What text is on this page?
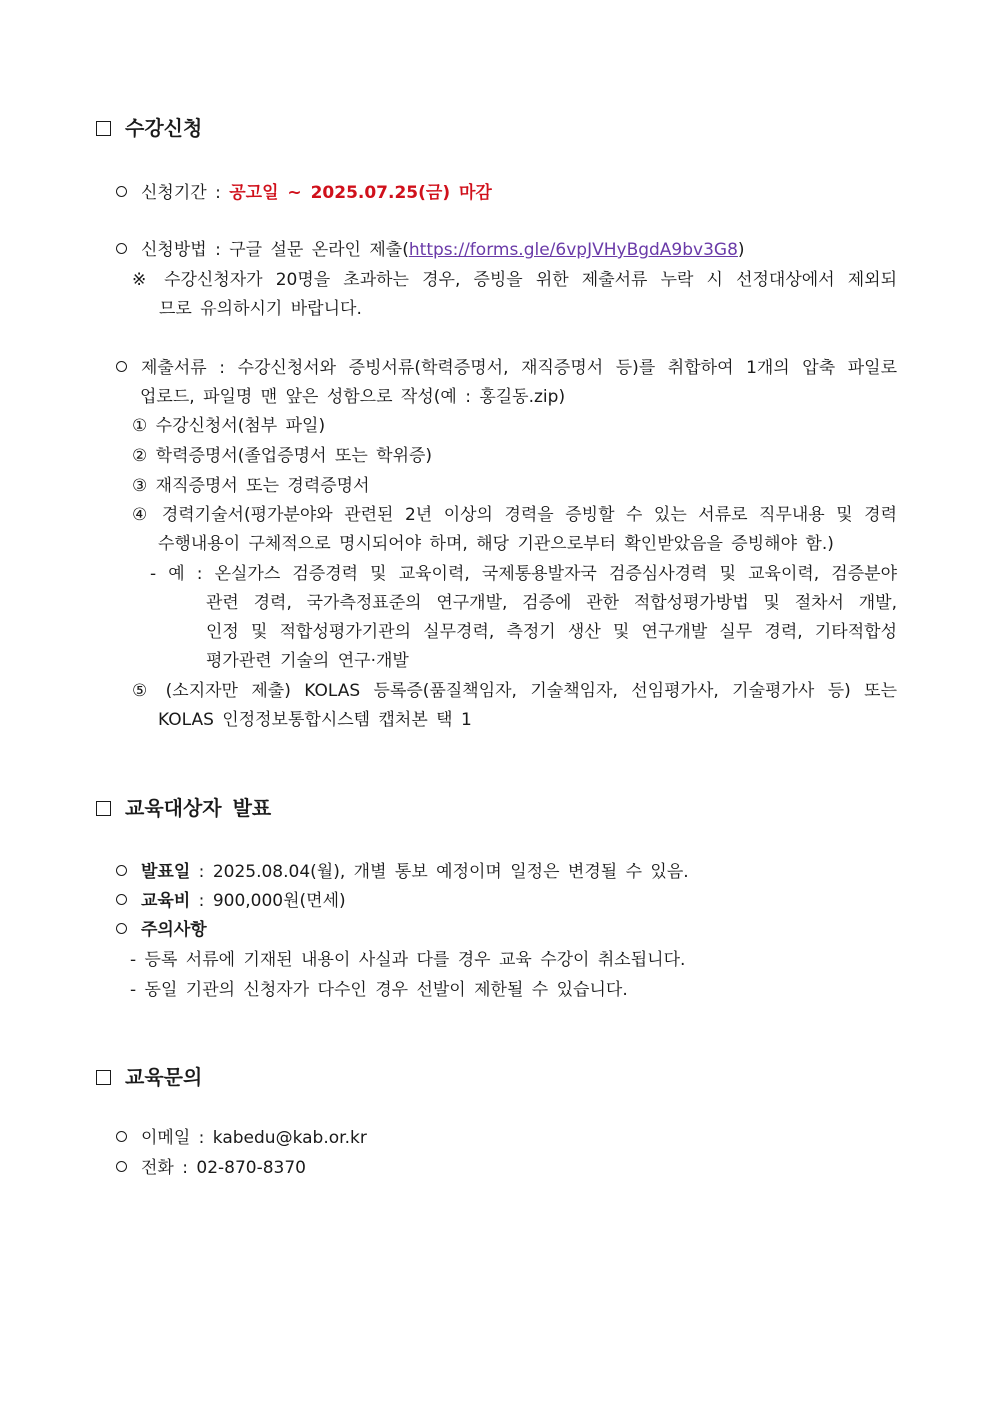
수강신청
신청기간 : 공고일 ~ 2025.07.25(금) 마감
신청방법 : 구글 설문 온라인 제출(https://forms.gle/6vpJVHyBgdA9bv3G8)
※ 수강신청자가 20명을 초과하는 경우, 증빙을 위한 제출서류 누락 시 선정대상에서 제외되
므로 유의하시기 바랍니다.
제출서류 : 수강신청서와 증빙서류(학력증명서, 재직증명서 등)를 취합하여 1개의 압축 파일로
업로드, 파일명 맨 앞은 성함으로 작성(예 : 홍길동.zip)
① 수강신청서(첨부 파일)
② 학력증명서(졸업증명서 또는 학위증)
③ 재직증명서 또는 경력증명서
④ 경력기술서(평가분야와 관련된 2년 이상의 경력을 증빙할 수 있는 서류로 직무내용 및 경력
수행내용이 구체적으로 명시되어야 하며, 해당 기관으로부터 확인받았음을 증빙해야 함.)
- 예 : 온실가스 검증경력 및 교육이력, 국제통용발자국 검증심사경력 및 교육이력, 검증분야
관련 경력, 국가측정표준의 연구개발, 검증에 관한 적합성평가방법 및 절차서 개발,
인정 및 적합성평가기관의 실무경력, 측정기 생산 및 연구개발 실무 경력, 기타적합성
평가관련 기술의 연구·개발
⑤ (소지자만 제출) KOLAS 등록증(품질책임자, 기술책임자, 선임평가사, 기술평가사 등) 또는
KOLAS 인정정보통합시스템 캡처본 택 1
교육대상자 발표
발표일 : 2025.08.04(월), 개별 통보 예정이며 일정은 변경될 수 있음.
교육비 : 900,000원(면세)
주의사항
- 등록 서류에 기재된 내용이 사실과 다를 경우 교육 수강이 취소됩니다.
- 동일 기관의 신청자가 다수인 경우 선발이 제한될 수 있습니다.
교육문의
이메일 : kabedu@kab.or.kr
전화 : 02-870-8370
